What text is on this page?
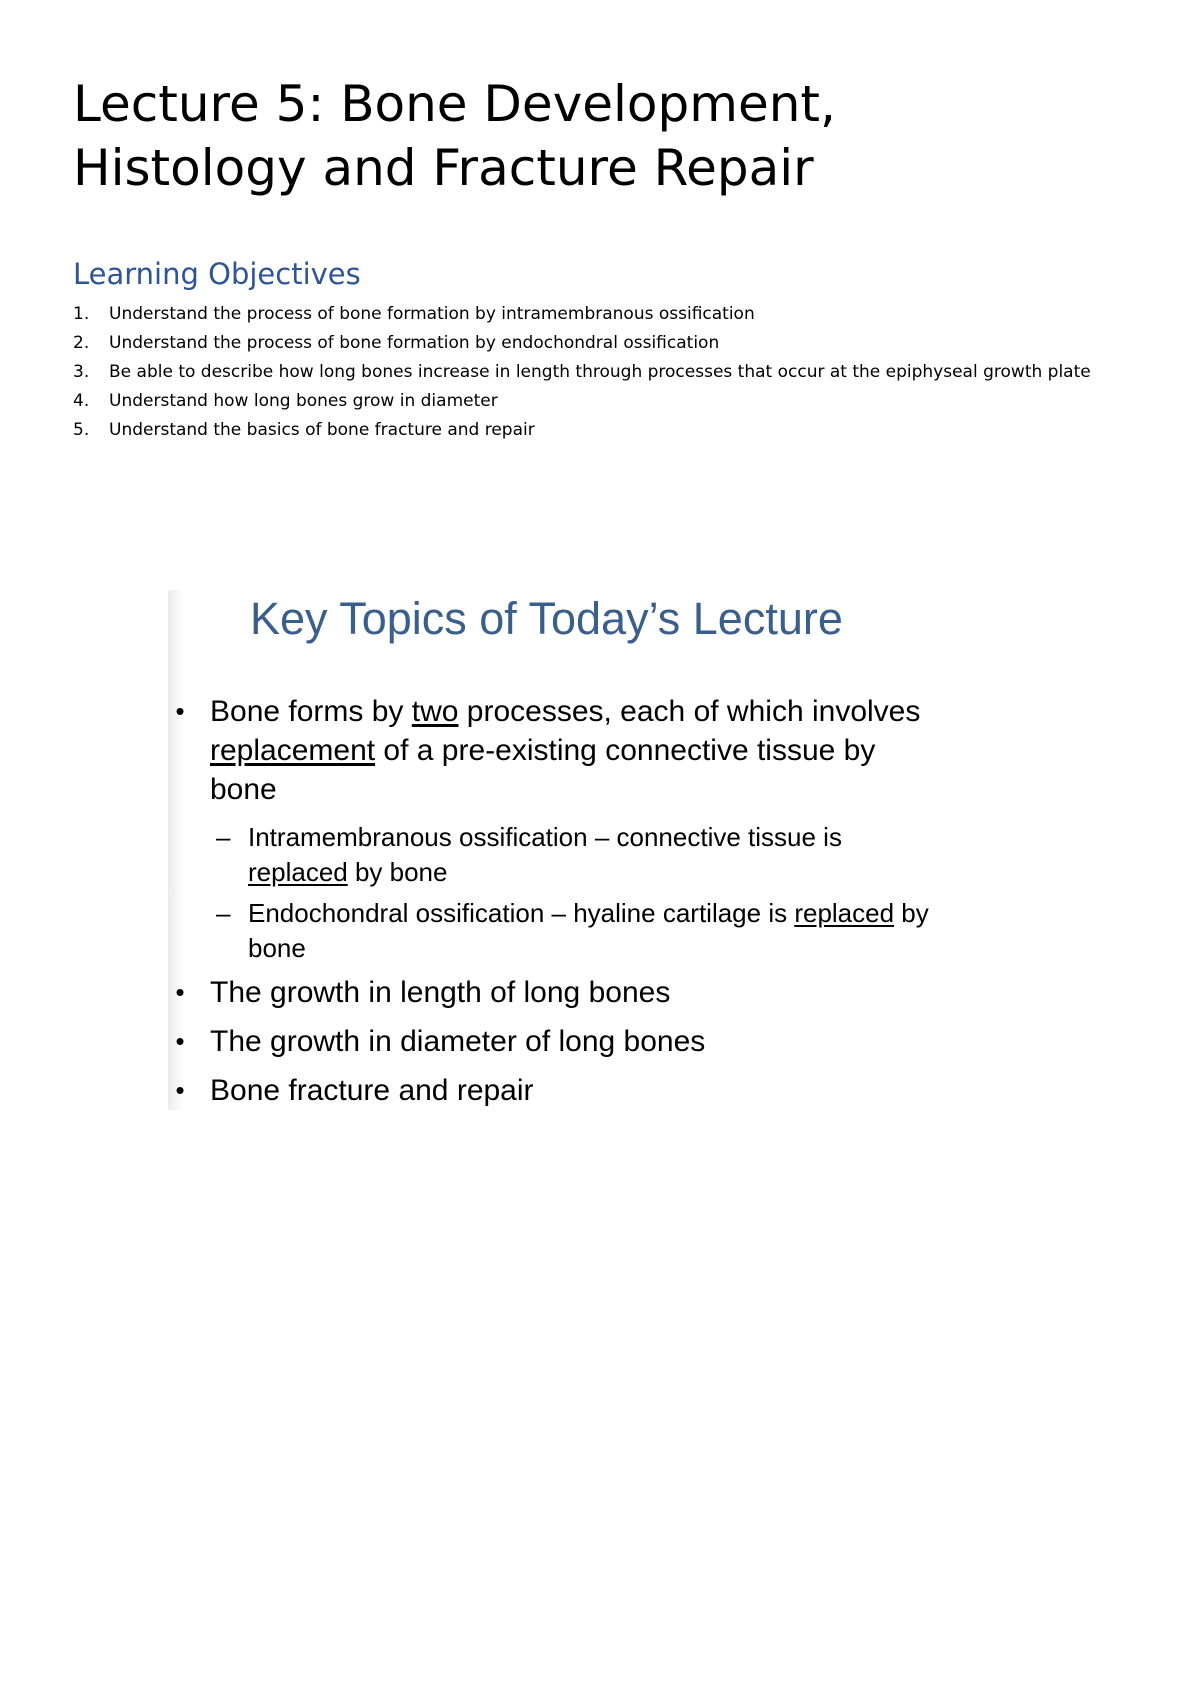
Lecture 5: Bone Development,
Histology and Fracture Repair
Learning Objectives
1. Understand the process of bone formation by intramembranous ossification
2. Understand the process of bone formation by endochondral ossification
3. Be able to describe how long bones increase in length through processes that occur at the epiphyseal growth plate
4. Understand how long bones grow in diameter
5. Understand the basics of bone fracture and repair
Key Topics of Today’s Lecture
• Bone forms by two processes, each of which involves replacement of a pre-existing connective tissue by bone
– Intramembranous ossification – connective tissue is replaced by bone
– Endochondral ossification – hyaline cartilage is replaced by bone
• The growth in length of long bones
• The growth in diameter of long bones
• Bone fracture and repair
